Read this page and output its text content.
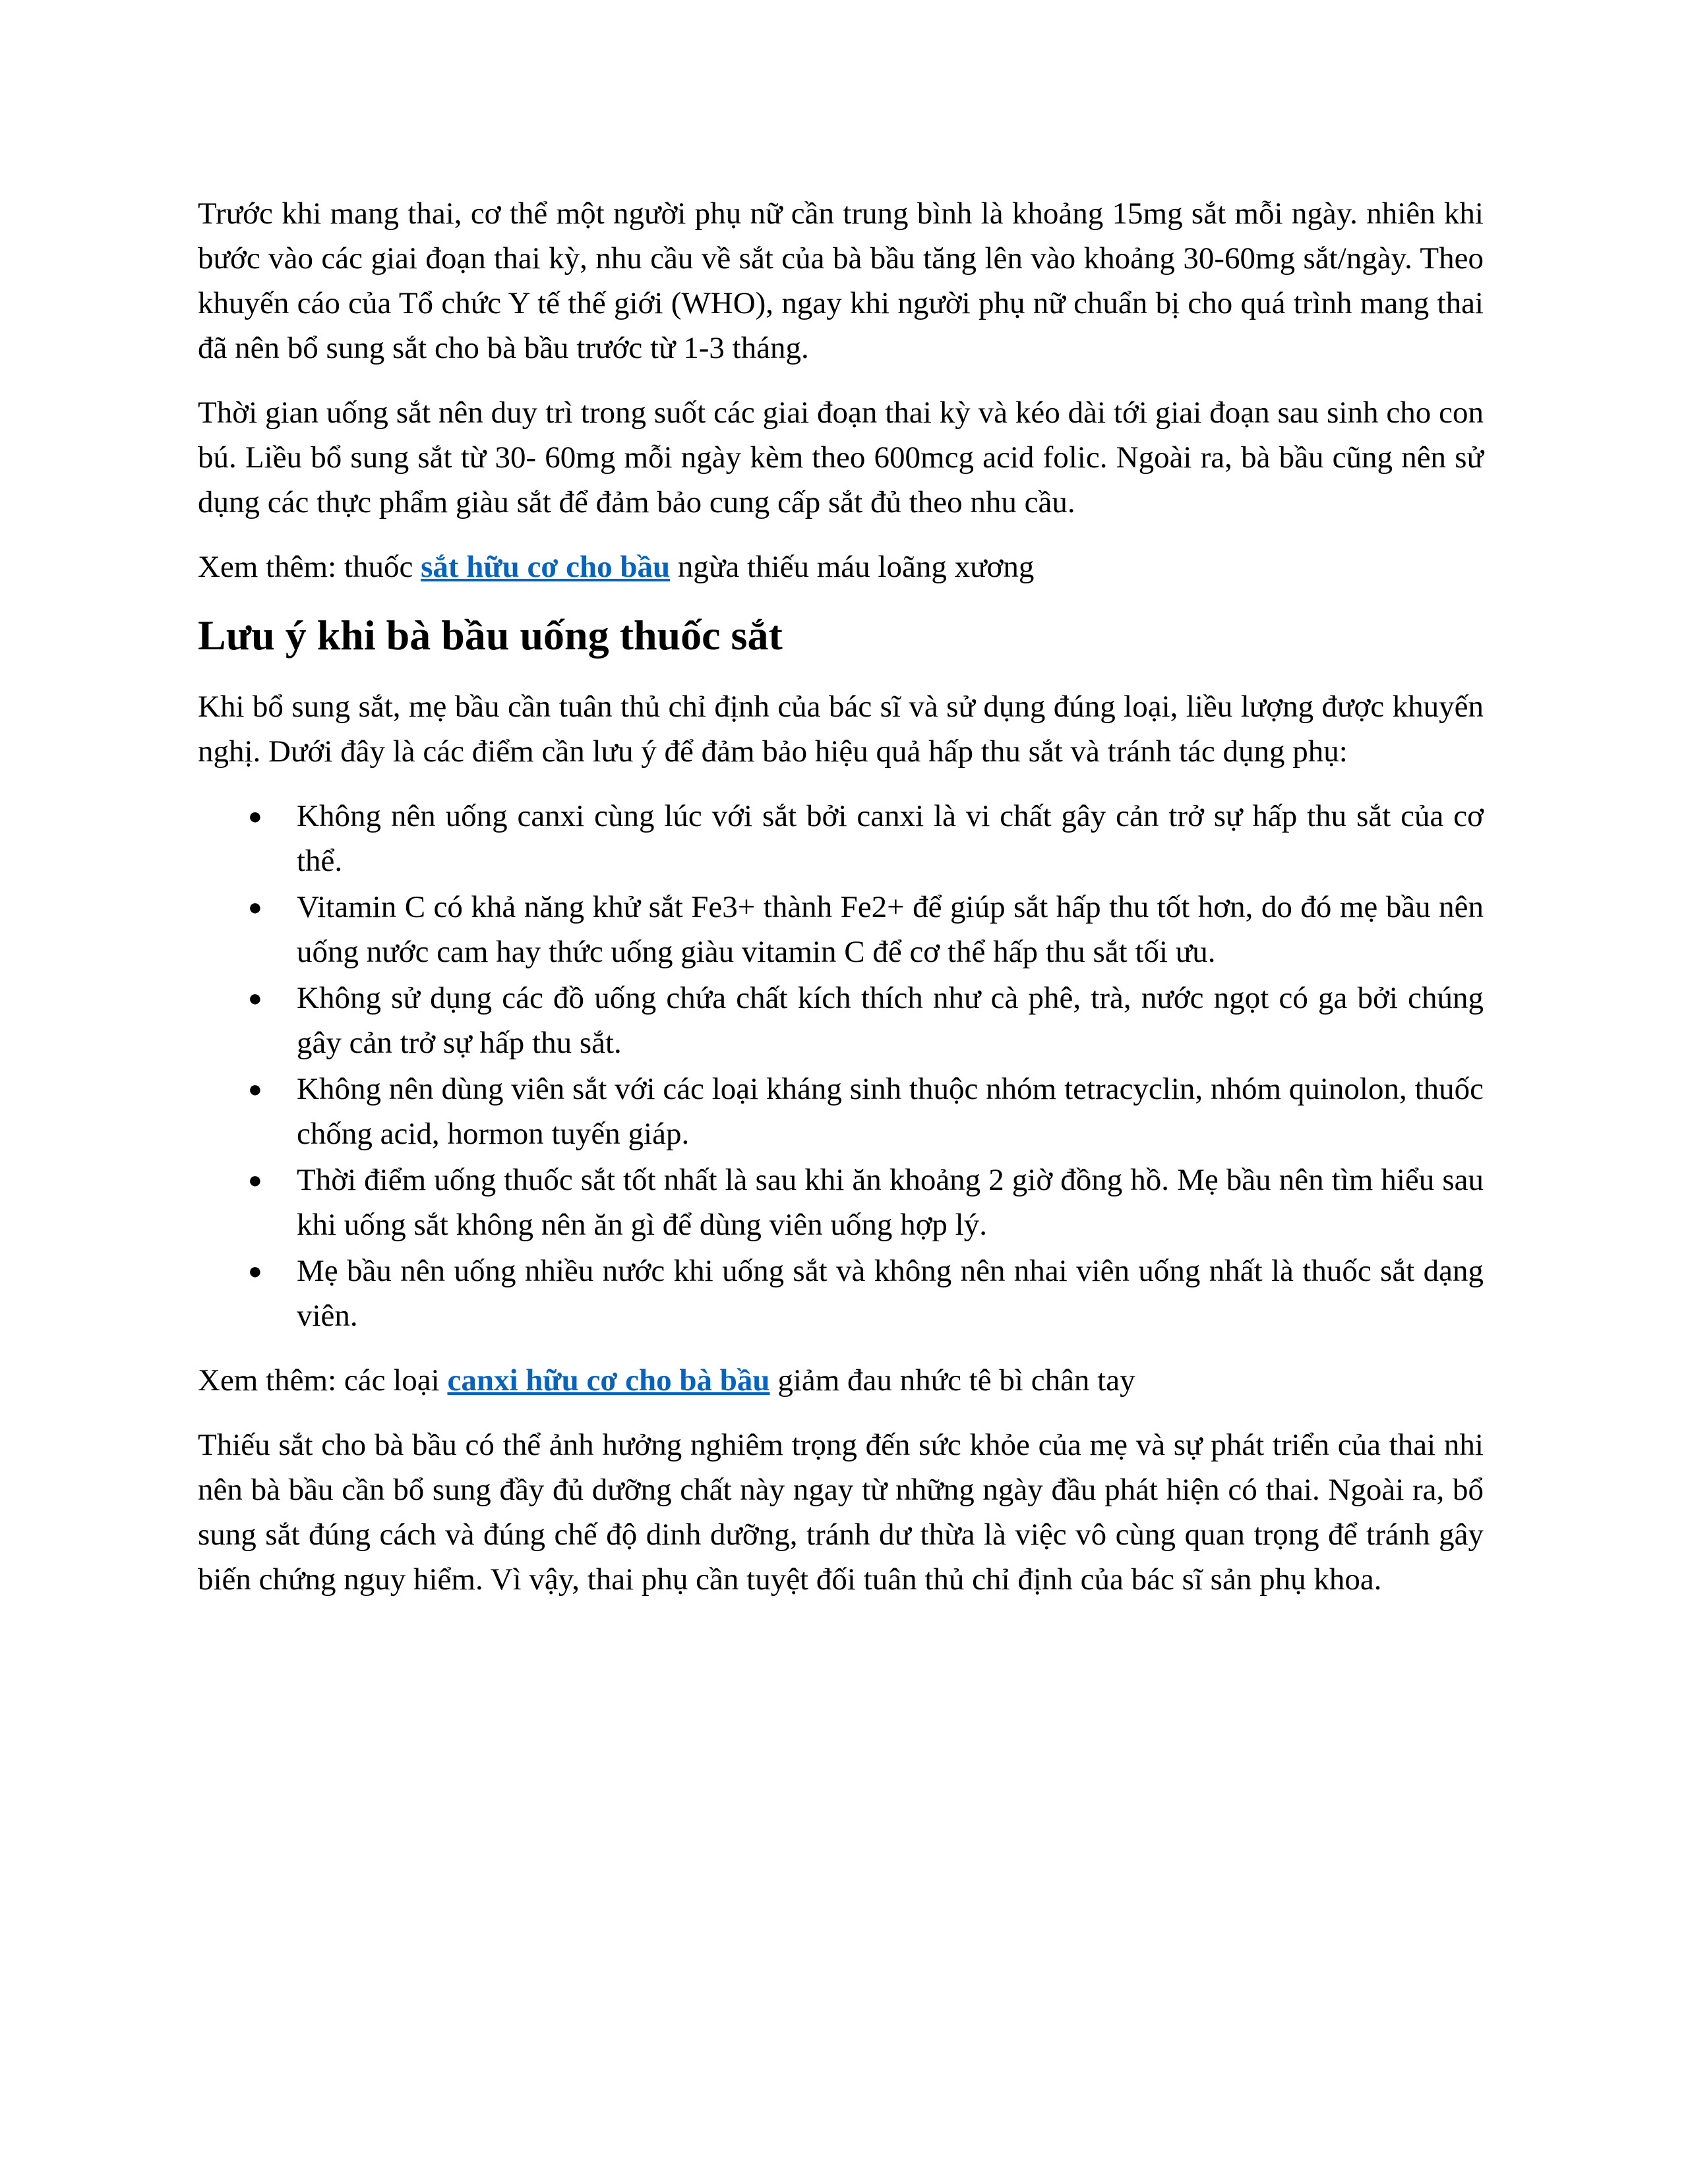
Trước khi mang thai, cơ thể một người phụ nữ cần trung bình là khoảng 15mg sắt mỗi ngày. nhiên khi bước vào các giai đoạn thai kỳ, nhu cầu về sắt của bà bầu tăng lên vào khoảng 30-60mg sắt/ngày. Theo khuyến cáo của Tổ chức Y tế thế giới (WHO), ngay khi người phụ nữ chuẩn bị cho quá trình mang thai đã nên bổ sung sắt cho bà bầu trước từ 1-3 tháng.

Thời gian uống sắt nên duy trì trong suốt các giai đoạn thai kỳ và kéo dài tới giai đoạn sau sinh cho con bú. Liều bổ sung sắt từ 30- 60mg mỗi ngày kèm theo 600mcg acid folic. Ngoài ra, bà bầu cũng nên sử dụng các thực phẩm giàu sắt để đảm bảo cung cấp sắt đủ theo nhu cầu.

Xem thêm: thuốc sắt hữu cơ cho bầu ngừa thiếu máu loãng xương

Lưu ý khi bà bầu uống thuốc sắt

Khi bổ sung sắt, mẹ bầu cần tuân thủ chỉ định của bác sĩ và sử dụng đúng loại, liều lượng được khuyến nghị. Dưới đây là các điểm cần lưu ý để đảm bảo hiệu quả hấp thu sắt và tránh tác dụng phụ:

● Không nên uống canxi cùng lúc với sắt bởi canxi là vi chất gây cản trở sự hấp thu sắt của cơ thể.
● Vitamin C có khả năng khử sắt Fe3+ thành Fe2+ để giúp sắt hấp thu tốt hơn, do đó mẹ bầu nên uống nước cam hay thức uống giàu vitamin C để cơ thể hấp thu sắt tối ưu.
● Không sử dụng các đồ uống chứa chất kích thích như cà phê, trà, nước ngọt có ga bởi chúng gây cản trở sự hấp thu sắt.
● Không nên dùng viên sắt với các loại kháng sinh thuộc nhóm tetracyclin, nhóm quinolon, thuốc chống acid, hormon tuyến giáp.
● Thời điểm uống thuốc sắt tốt nhất là sau khi ăn khoảng 2 giờ đồng hồ. Mẹ bầu nên tìm hiểu sau khi uống sắt không nên ăn gì để dùng viên uống hợp lý.
● Mẹ bầu nên uống nhiều nước khi uống sắt và không nên nhai viên uống nhất là thuốc sắt dạng viên.

Xem thêm: các loại canxi hữu cơ cho bà bầu giảm đau nhức tê bì chân tay

Thiếu sắt cho bà bầu có thể ảnh hưởng nghiêm trọng đến sức khỏe của mẹ và sự phát triển của thai nhi nên bà bầu cần bổ sung đầy đủ dưỡng chất này ngay từ những ngày đầu phát hiện có thai. Ngoài ra, bổ sung sắt đúng cách và đúng chế độ dinh dưỡng, tránh dư thừa là việc vô cùng quan trọng để tránh gây biến chứng nguy hiểm. Vì vậy, thai phụ cần tuyệt đối tuân thủ chỉ định của bác sĩ sản phụ khoa.
